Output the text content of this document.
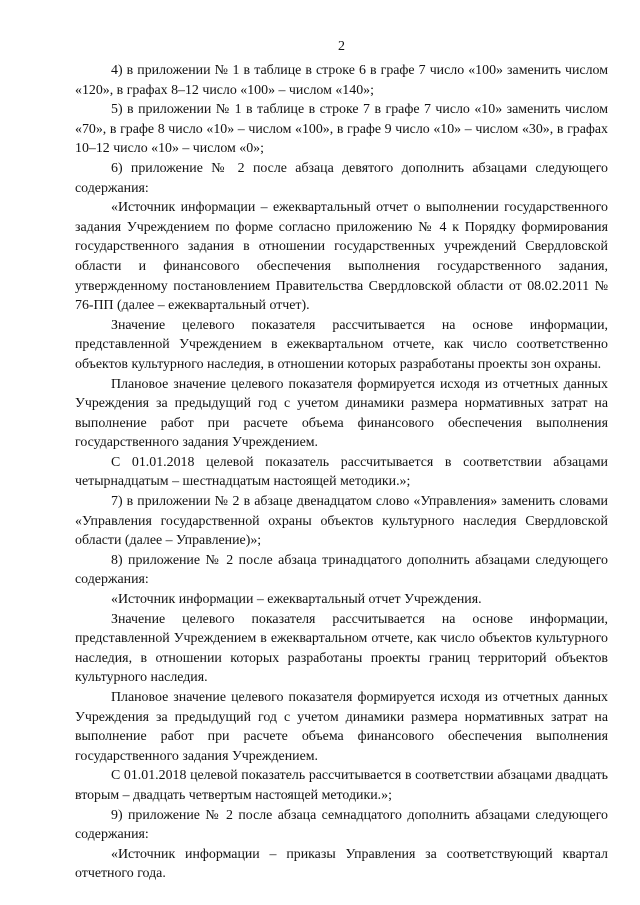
2

4) в приложении № 1 в таблице в строке 6 в графе 7 число «100» заменить числом «120», в графах 8–12 число «100» – числом «140»;

5) в приложении № 1 в таблице в строке 7 в графе 7 число «10» заменить числом «70», в графе 8 число «10» – числом «100», в графе 9 число «10» – числом «30», в графах 10–12 число «10» – числом «0»;

6) приложение № 2 после абзаца девятого дополнить абзацами следующего содержания:

«Источник информации – ежеквартальный отчет о выполнении государственного задания Учреждением по форме согласно приложению № 4 к Порядку формирования государственного задания в отношении государственных учреждений Свердловской области и финансового обеспечения выполнения государственного задания, утвержденному постановлением Правительства Свердловской области от 08.02.2011 № 76-ПП (далее – ежеквартальный отчет).

Значение целевого показателя рассчитывается на основе информации, представленной Учреждением в ежеквартальном отчете, как число соответственно объектов культурного наследия, в отношении которых разработаны проекты зон охраны.

Плановое значение целевого показателя формируется исходя из отчетных данных Учреждения за предыдущий год с учетом динамики размера нормативных затрат на выполнение работ при расчете объема финансового обеспечения выполнения государственного задания Учреждением.

С 01.01.2018 целевой показатель рассчитывается в соответствии абзацами четырнадцатым – шестнадцатым настоящей методики.»;

7) в приложении № 2 в абзаце двенадцатом слово «Управления» заменить словами «Управления государственной охраны объектов культурного наследия Свердловской области (далее – Управление)»;

8) приложение № 2 после абзаца тринадцатого дополнить абзацами следующего содержания:

«Источник информации – ежеквартальный отчет Учреждения.

Значение целевого показателя рассчитывается на основе информации, представленной Учреждением в ежеквартальном отчете, как число объектов культурного наследия, в отношении которых разработаны проекты границ территорий объектов культурного наследия.

Плановое значение целевого показателя формируется исходя из отчетных данных Учреждения за предыдущий год с учетом динамики размера нормативных затрат на выполнение работ при расчете объема финансового обеспечения выполнения государственного задания Учреждением.

С 01.01.2018 целевой показатель рассчитывается в соответствии абзацами двадцать вторым – двадцать четвертым настоящей методики.»;

9) приложение № 2 после абзаца семнадцатого дополнить абзацами следующего содержания:

«Источник информации – приказы Управления за соответствующий квартал отчетного года.
